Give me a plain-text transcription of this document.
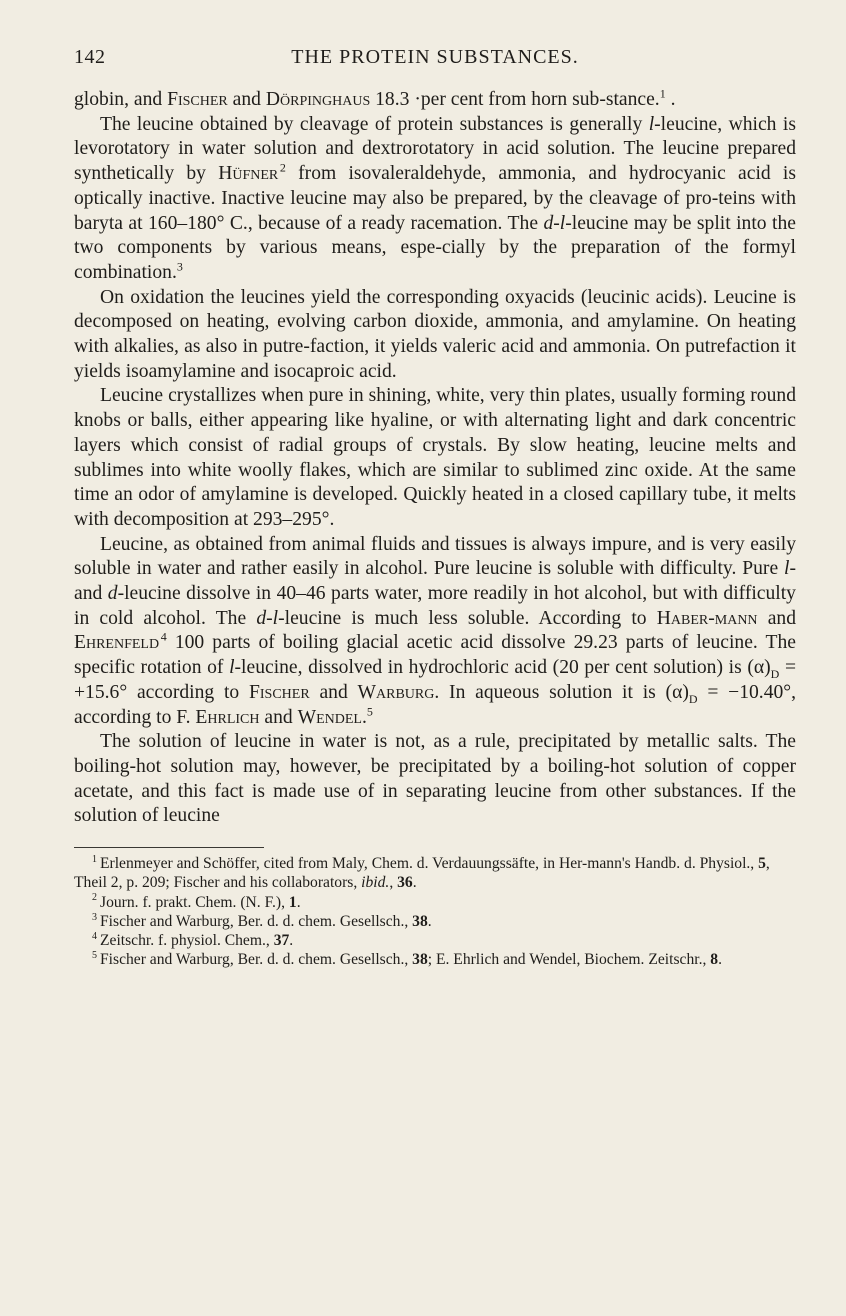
142	THE PROTEIN SUBSTANCES.

globin, and Fischer and Dörpinghaus 18.3 ·per cent from horn sub-stance.$^1$ .

The leucine obtained by cleavage of protein substances is generally l-leucine, which is levorotatory in water solution and dextrorotatory in acid solution. The leucine prepared synthetically by Hüfner  $^2$ from isovaleraldehyde, ammonia, and hydrocyanic acid is optically inactive. Inactive leucine may also be prepared, by the cleavage of pro-teins with baryta at 160–180° C., because of a ready racemation. The d-l-leucine may be split into the two components by various means, espe-cially by the preparation of the formyl combination.$^3$

On oxidation the leucines yield the corresponding oxyacids (leucinic acids). Leucine is decomposed on heating, evolving carbon dioxide, ammonia, and amylamine. On heating with alkalies, as also in putre-faction, it yields valeric acid and ammonia. On putrefaction it yields isoamylamine and isocaproic acid.

Leucine crystallizes when pure in shining, white, very thin plates, usually forming round knobs or balls, either appearing like hyaline, or with alternating light and dark concentric layers which consist of radial groups of crystals. By slow heating, leucine melts and sublimes into white woolly flakes, which are similar to sublimed zinc oxide. At the same time an odor of amylamine is developed. Quickly heated in a closed capillary tube, it melts with decomposition at 293–295°.

Leucine, as obtained from animal fluids and tissues is always impure, and is very easily soluble in water and rather easily in alcohol. Pure leucine is soluble with difficulty. Pure l- and d-leucine dissolve in 40–46 parts water, more readily in hot alcohol, but with difficulty in cold alcohol. The d-l-leucine is much less soluble. According to Haber-mann and Ehrenfeld  $^4$ 100 parts of boiling glacial acetic acid dissolve 29.23 parts of leucine. The specific rotation of l-leucine, dissolved in hydrochloric acid (20 per cent solution) is $(\alpha)_D = +15.6^\circ$ according to Fischer and Warburg. In aqueous solution it is $(\alpha)_D = -10.40^\circ$, according to F. Ehrlich and Wendel.$^5$

The solution of leucine in water is not, as a rule, precipitated by metallic salts. The boiling-hot solution may, however, be precipitated by a boiling-hot solution of copper acetate, and this fact is made use of in separating leucine from other substances. If the solution of leucine

$^1$ Erlenmeyer and Schöffer, cited from Maly, Chem. d. Verdauungssäfte, in Her-mann's Handb. d. Physiol., 5, Theil 2, p. 209; Fischer and his collaborators, ibid., 36.

$^2$ Journ. f. prakt. Chem. (N. F.), 1.

$^3$ Fischer and Warburg, Ber. d. d. chem. Gesellsch., 38.

$^4$ Zeitschr. f. physiol. Chem., 37.

$^5$ Fischer and Warburg, Ber. d. d. chem. Gesellsch., 38; E. Ehrlich and Wendel, Biochem. Zeitschr., 8.
